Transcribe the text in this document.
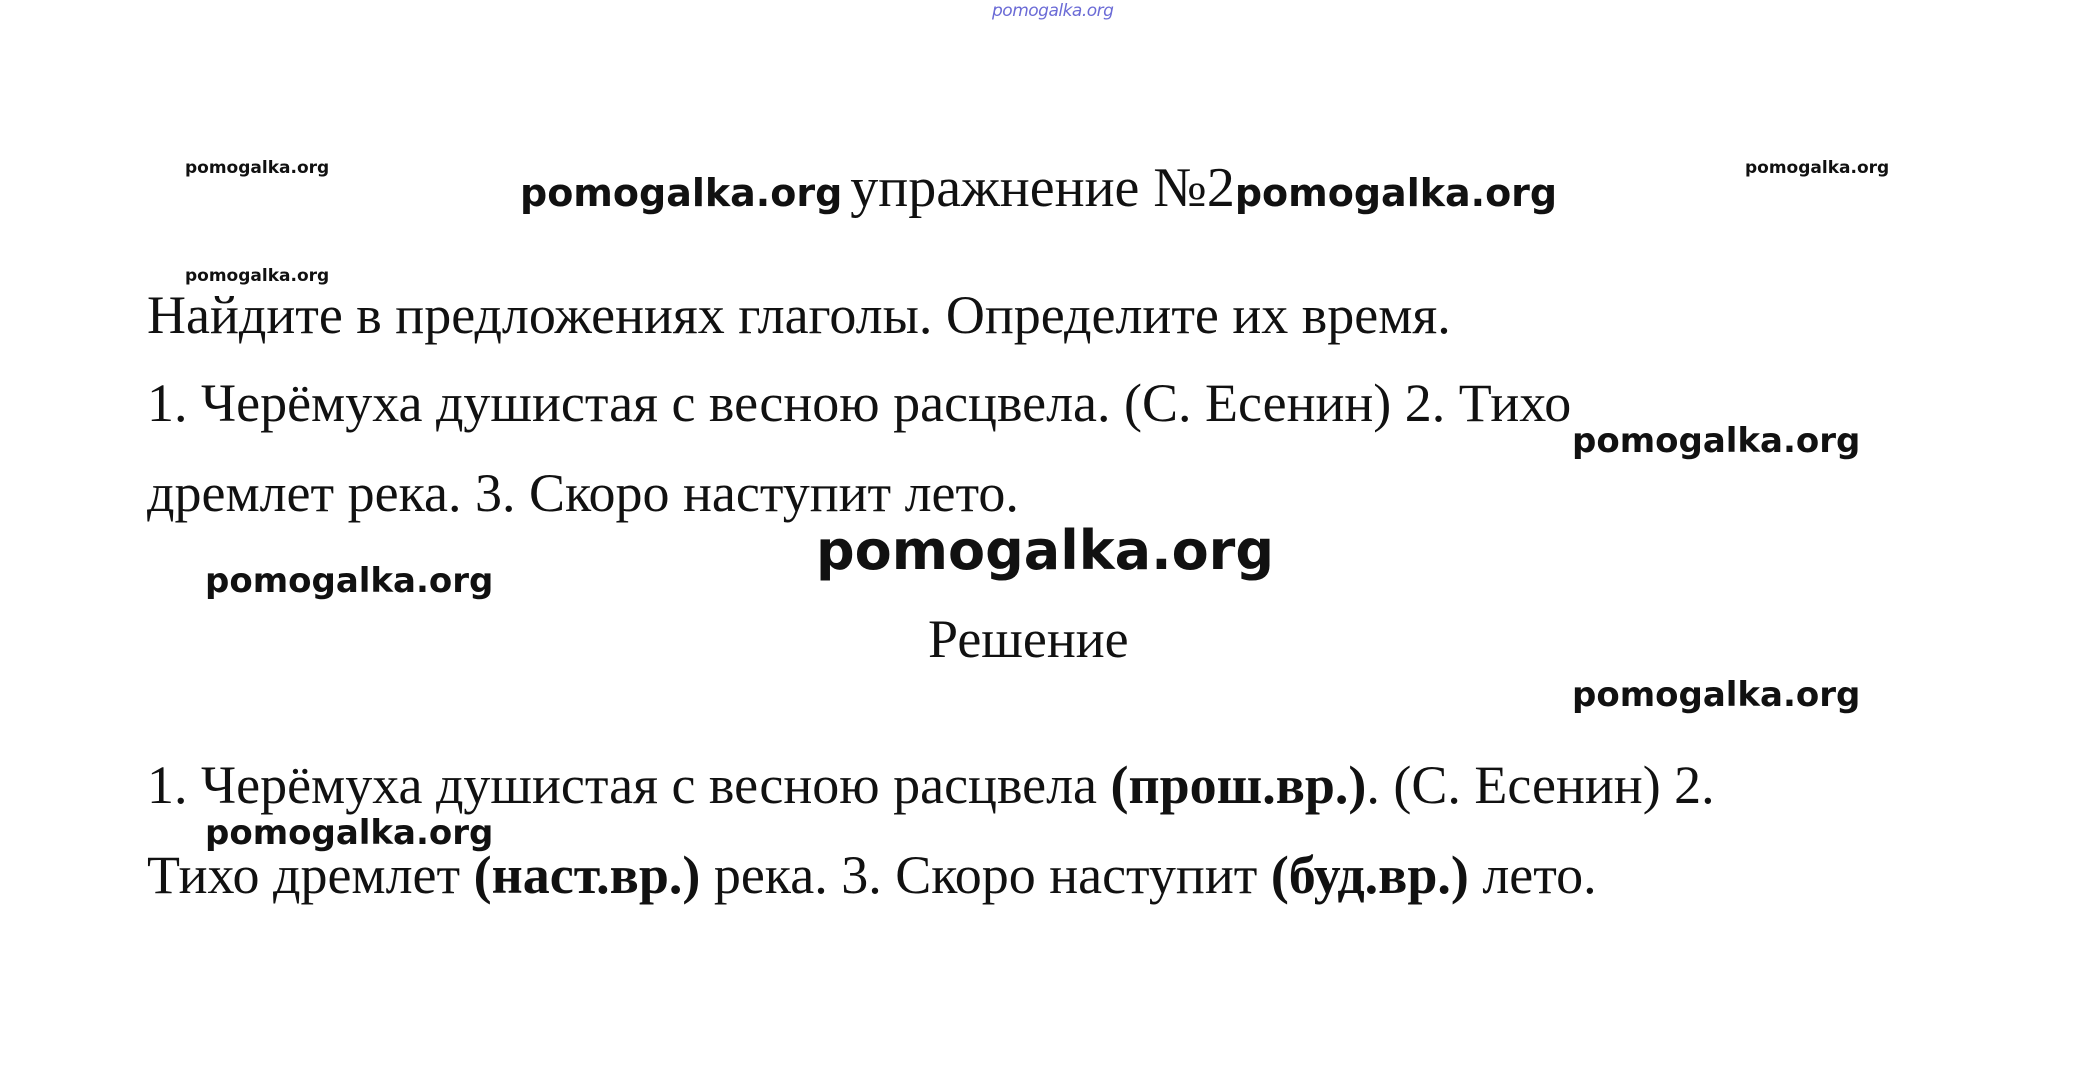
pomogalka.org
pomogalka.org	pomogalka.org
pomogalka.org упражнение №2 pomogalka.org
pomogalka.org
Найдите в предложениях глаголы. Определите их время.
1. Черёмуха душистая с весною расцвела. (С. Есенин) 2. Тихо
pomogalka.org
дремлет река. 3. Скоро наступит лето.
pomogalka.org
pomogalka.org
Решение
pomogalka.org
1. Черёмуха душистая с весною расцвела (прош.вр.). (С. Есенин) 2.
pomogalka.org
Тихо дремлет (наст.вр.) река. 3. Скоро наступит (буд.вр.) лето.
